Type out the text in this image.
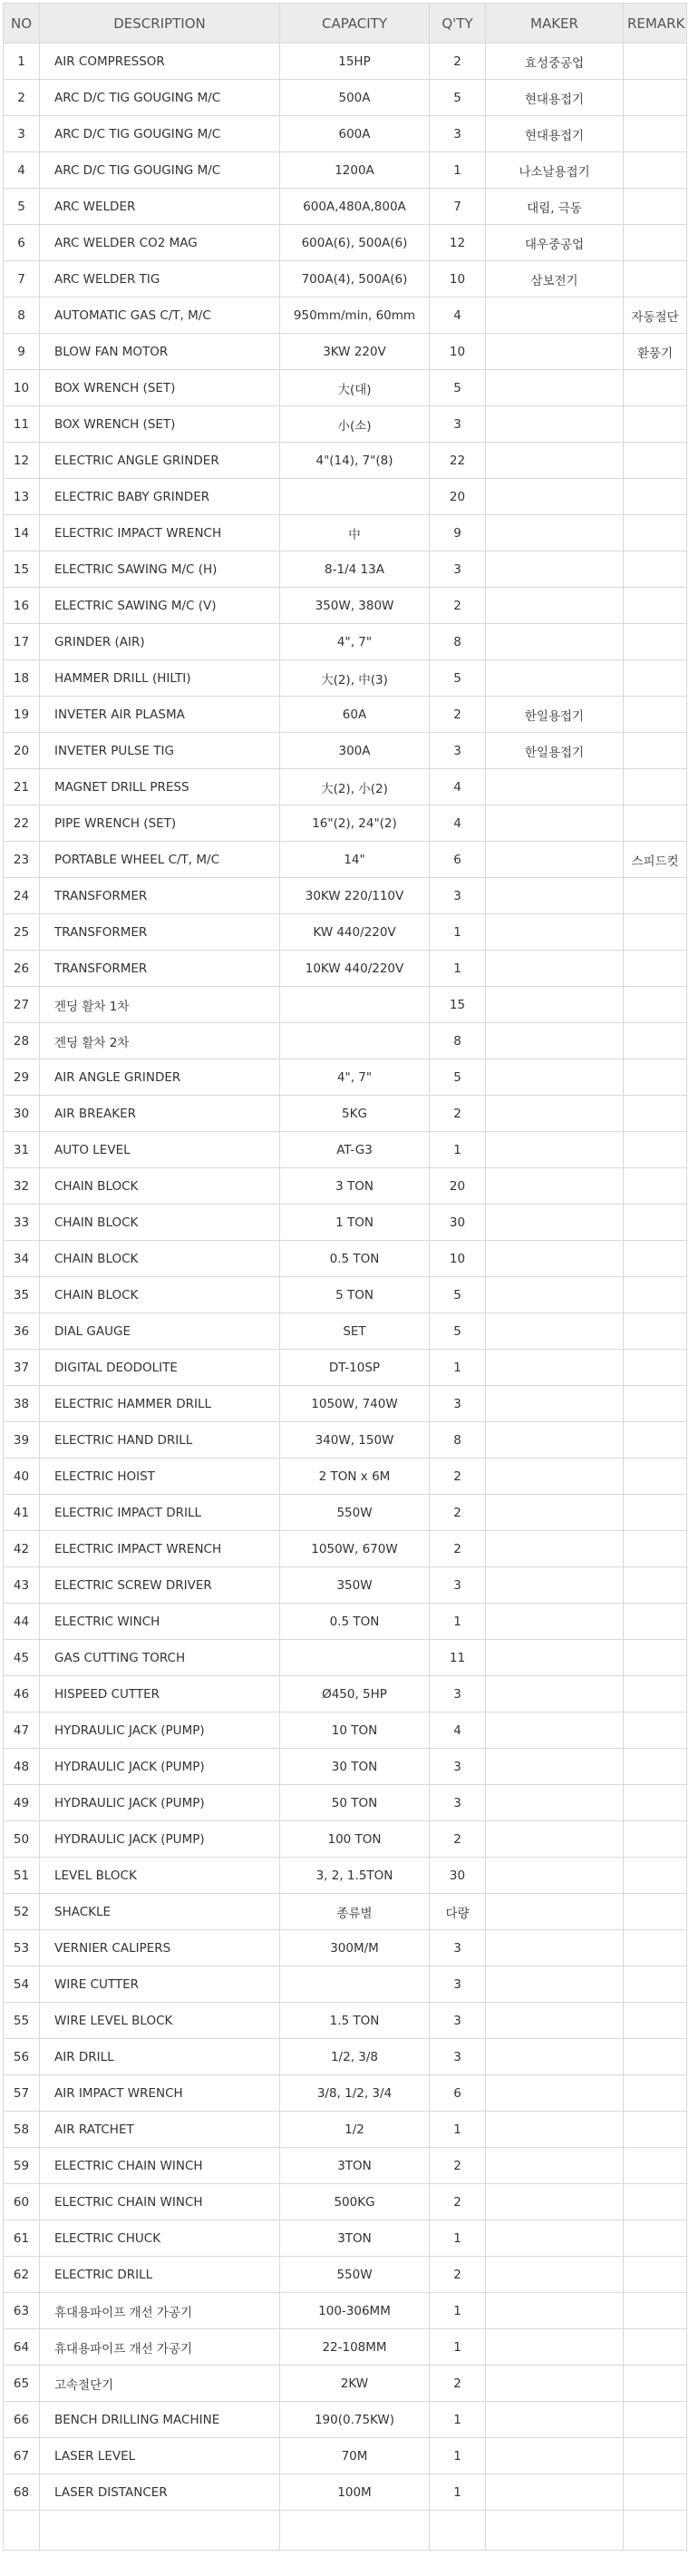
NO	DESCRIPTION	CAPACITY	Q'TY	MAKER	REMARK
1	AIR COMPRESSOR	15HP	2	효성중공업	
2	ARC D/C TIG GOUGING M/C	500A	5	현대용접기	
3	ARC D/C TIG GOUGING M/C	600A	3	현대용접기	
4	ARC D/C TIG GOUGING M/C	1200A	1	나소날용접기	
5	ARC WELDER	600A,480A,800A	7	대림, 극동	
6	ARC WELDER CO2 MAG	600A(6), 500A(6)	12	대우중공업	
7	ARC WELDER TIG	700A(4), 500A(6)	10	삼보전기	
8	AUTOMATIC GAS C/T, M/C	950mm/min, 60mm	4		자동절단
9	BLOW FAN MOTOR	3KW 220V	10		환풍기
10	BOX WRENCH (SET)	大(대)	5		
11	BOX WRENCH (SET)	小(소)	3		
12	ELECTRIC ANGLE GRINDER	4"(14), 7"(8)	22		
13	ELECTRIC BABY GRINDER		20		
14	ELECTRIC IMPACT WRENCH	中	9		
15	ELECTRIC SAWING M/C (H)	8-1/4 13A	3		
16	ELECTRIC SAWING M/C (V)	350W, 380W	2		
17	GRINDER (AIR)	4", 7"	8		
18	HAMMER DRILL (HILTI)	大(2), 中(3)	5		
19	INVETER AIR PLASMA	60A	2	한일용접기	
20	INVETER PULSE TIG	300A	3	한일용접기	
21	MAGNET DRILL PRESS	大(2), 小(2)	4		
22	PIPE WRENCH (SET)	16"(2), 24"(2)	4		
23	PORTABLE WHEEL C/T, M/C	14"	6		스피드컷
24	TRANSFORMER	30KW 220/110V	3		
25	TRANSFORMER	KW 440/220V	1		
26	TRANSFORMER	10KW 440/220V	1		
27	겐딩 활차 1차		15		
28	겐딩 활차 2차		8		
29	AIR ANGLE GRINDER	4", 7"	5		
30	AIR BREAKER	5KG	2		
31	AUTO LEVEL	AT-G3	1		
32	CHAIN BLOCK	3 TON	20		
33	CHAIN BLOCK	1 TON	30		
34	CHAIN BLOCK	0.5 TON	10		
35	CHAIN BLOCK	5 TON	5		
36	DIAL GAUGE	SET	5		
37	DIGITAL DEODOLITE	DT-10SP	1		
38	ELECTRIC HAMMER DRILL	1050W, 740W	3		
39	ELECTRIC HAND DRILL	340W, 150W	8		
40	ELECTRIC HOIST	2 TON x 6M	2		
41	ELECTRIC IMPACT DRILL	550W	2		
42	ELECTRIC IMPACT WRENCH	1050W, 670W	2		
43	ELECTRIC SCREW DRIVER	350W	3		
44	ELECTRIC WINCH	0.5 TON	1		
45	GAS CUTTING TORCH		11		
46	HISPEED CUTTER	Ø450, 5HP	3		
47	HYDRAULIC JACK (PUMP)	10 TON	4		
48	HYDRAULIC JACK (PUMP)	30 TON	3		
49	HYDRAULIC JACK (PUMP)	50 TON	3		
50	HYDRAULIC JACK (PUMP)	100 TON	2		
51	LEVEL BLOCK	3, 2, 1.5TON	30		
52	SHACKLE	종류별	다량		
53	VERNIER CALIPERS	300M/M	3		
54	WIRE CUTTER		3		
55	WIRE LEVEL BLOCK	1.5 TON	3		
56	AIR DRILL	1/2, 3/8	3		
57	AIR IMPACT WRENCH	3/8, 1/2, 3/4	6		
58	AIR RATCHET	1/2	1		
59	ELECTRIC CHAIN WINCH	3TON	2		
60	ELECTRIC CHAIN WINCH	500KG	2		
61	ELECTRIC CHUCK	3TON	1		
62	ELECTRIC DRILL	550W	2		
63	휴대용파이프 개선 가공기	100-306MM	1		
64	휴대용파이프 개선 가공기	22-108MM	1		
65	고속절단기	2KW	2		
66	BENCH DRILLING MACHINE	190(0.75KW)	1		
67	LASER LEVEL	70M	1		
68	LASER DISTANCER	100M	1		
